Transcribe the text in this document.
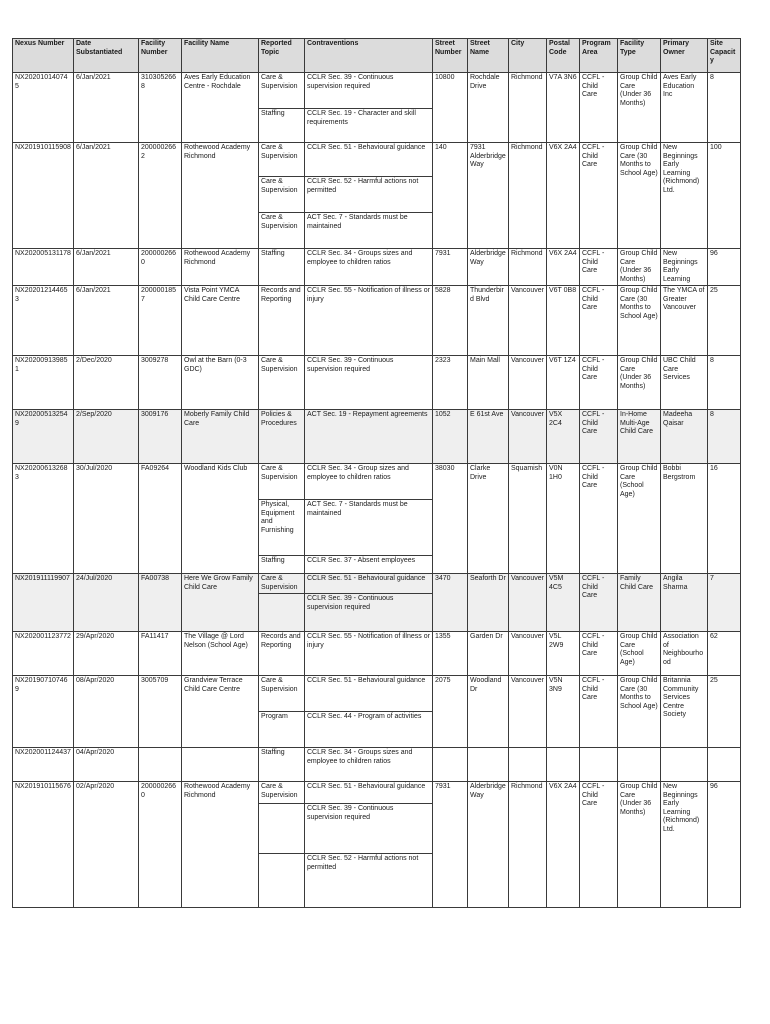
Nexus Number	Date Substantiated	Facility Number	Facility Name	Reported Topic	Contraventions	Street Number	Street Name	City	Postal Code	Program Area	Facility Type	Primary Owner	Site Capacity
NX202010140745	6/Jan/2021	3103052668	Aves Early Education Centre - Rochdale	Care & Supervision	CCLR Sec. 39 - Continuous supervision required	10800	Rochdale Drive	Richmond	V7A 3N6	CCFL - Child Care	Group Child Care (Under 36 Months)	Aves Early Education Inc	8
				Staffing	CCLR Sec. 19 - Character and skill requirements								
NX201910115908	6/Jan/2021	2000002662	Rothewood Academy Richmond	Care & Supervision	CCLR Sec. 51 - Behavioural guidance	140	7931 Alderbridge Way	Richmond	V6X 2A4	CCFL - Child Care	Group Child Care (30 Months to School Age)	New Beginnings Early Learning (Richmond) Ltd.	100
				Care & Supervision	CCLR Sec. 52 - Harmful actions not permitted								
				Care & Supervision	ACT Sec. 7 - Standards must be maintained								
NX202005131178	6/Jan/2021	2000002660	Rothewood Academy Richmond	Staffing	CCLR Sec. 34 - Groups sizes and employee to children ratios	7931	Alderbridge Way	Richmond	V6X 2A4	CCFL - Child Care	Group Child Care (Under 36 Months)	New Beginnings Early Learning	96
NX202012144653	6/Jan/2021	2000001857	Vista Point YMCA Child Care Centre	Records and Reporting	CCLR Sec. 55 - Notification of illness or injury	5828	Thunderbird Blvd	Vancouver	V6T 0B8	CCFL - Child Care	Group Child Care (30 Months to School Age)	The YMCA of Greater Vancouver	25
NX202009139851	2/Dec/2020	3009278	Owl at the Barn (0-3 GDC)	Care & Supervision	CCLR Sec. 39 - Continuous supervision required	2323	Main Mall	Vancouver	V6T 1Z4	CCFL - Child Care	Group Child Care (Under 36 Months)	UBC Child Care Services	8
NX202005132549	2/Sep/2020	3009176	Moberly Family Child Care	Policies & Procedures	ACT Sec. 19 - Repayment agreements	1052	E 61st Ave	Vancouver	V5X 2C4	CCFL - Child Care	In-Home Multi-Age Child Care	Madeeha Qaisar	8
NX202006132683	30/Jul/2020	FA09264	Woodland Kids Club	Care & Supervision	CCLR Sec. 34 - Group sizes and employee to children ratios	38030	Clarke Drive	Squamish	V0N 1H0	CCFL - Child Care	Group Child Care (School Age)	Bobbi Bergstrom	16
				Physical, Equipment and Furnishing	ACT Sec. 7 - Standards must be maintained								
				Staffing	CCLR Sec. 37 - Absent employees								
NX201911119907	24/Jul/2020	FA00738	Here We Grow Family Child Care	Care & Supervision	CCLR Sec. 51 - Behavioural guidance	3470	Seaforth Dr	Vancouver	V5M 4C5	CCFL - Child Care	Family Child Care	Angila Sharma	7
					CCLR Sec. 39 - Continuous supervision required								
NX202001123772	29/Apr/2020	FA11417	The Village @ Lord Nelson (School Age)	Records and Reporting	CCLR Sec. 55 - Notification of illness or injury	1355	Garden Dr	Vancouver	V5L 2W9	CCFL - Child Care	Group Child Care (School Age)	Association of Neighbourhood	62
NX201907107469	08/Apr/2020	3005709	Grandview Terrace Child Care Centre	Care & Supervision	CCLR Sec. 51 - Behavioural guidance	2075	Woodland Dr	Vancouver	V5N 3N9	CCFL - Child Care	Group Child Care (30 Months to School Age)	Britannia Community Services Centre Society	25
				Program	CCLR Sec. 44 - Program of activities								
NX202001124437	04/Apr/2020			Staffing	CCLR Sec. 34 - Groups sizes and employee to children ratios								
NX201910115676	02/Apr/2020	2000002660	Rothewood Academy Richmond	Care & Supervision	CCLR Sec. 51 - Behavioural guidance	7931	Alderbridge Way	Richmond	V6X 2A4	CCFL - Child Care	Group Child Care (Under 36 Months)	New Beginnings Early Learning (Richmond) Ltd.	96
					CCLR Sec. 39 - Continuous supervision required								
					CCLR Sec. 52 - Harmful actions not permitted								
